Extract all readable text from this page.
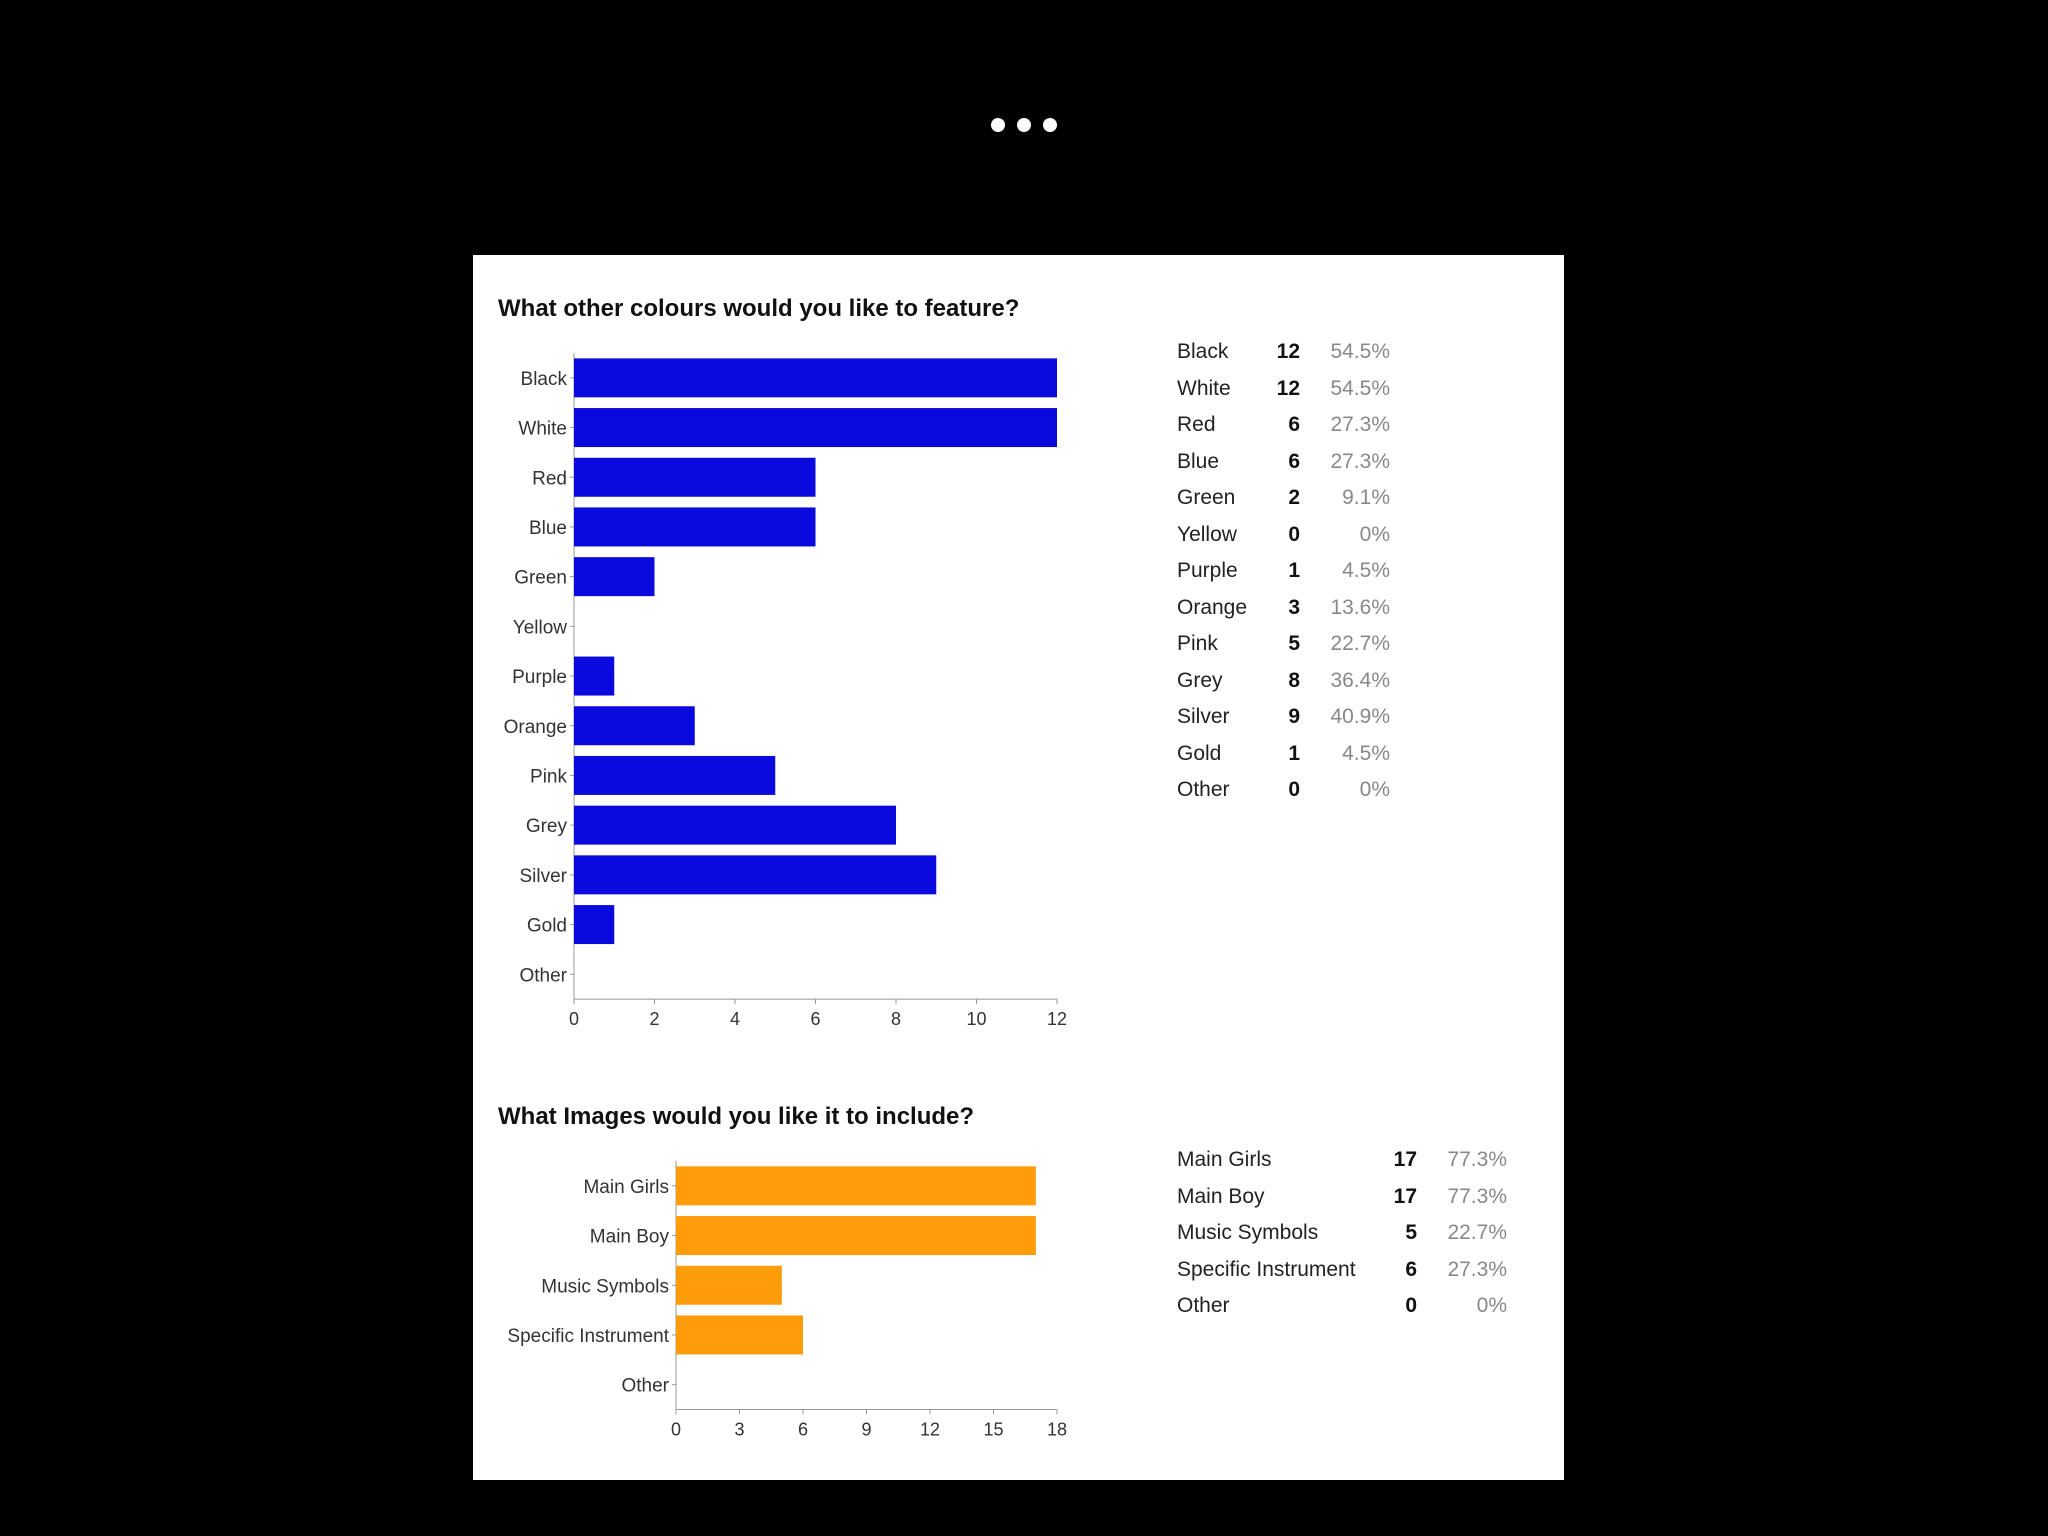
What other colours would you like to feature?
What Images would you like it to include?
Black
White
Red
Blue
Green
Yellow
Purple
Orange
Pink
Grey
Silver
Gold
Other
0	2	4	6	8	10	12
Main Girls
Main Boy
Music Symbols
Specific Instrument
Other
0	3	6	9	12 15 18
Black	12	54.5%
White	12	54.5%
Red	6	27.3%
Blue	6	27.3%
Green	2	9.1%
Yellow	0	0%
Purple	1	4.5%
Orange	3	13.6%
Pink	5	22.7%
Grey	8	36.4%
Silver	9	40.9%
Gold	1	4.5%
Other	0	0%
Main Girls	17	77.3%
Main Boy	17	77.3%
Music Symbols	5	22.7%
Specific Instrument	6	27.3%
Other	0	0%
